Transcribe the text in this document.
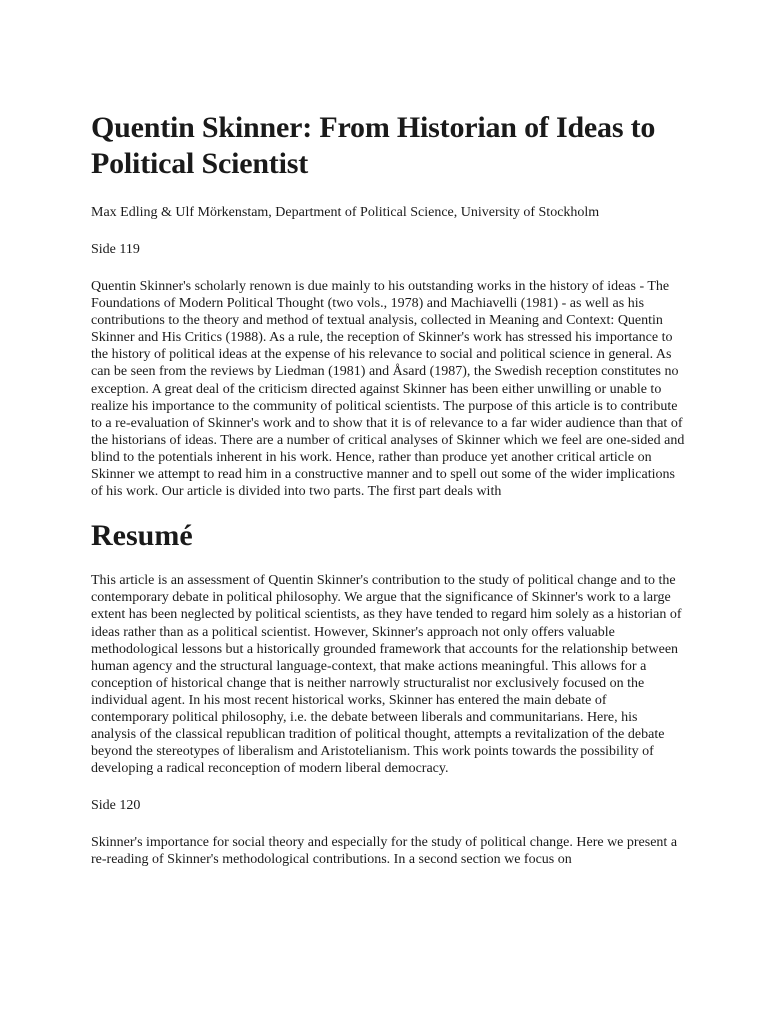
Quentin Skinner: From Historian of Ideas to Political Scientist

Max Edling & Ulf Mörkenstam, Department of Political Science, University of Stockholm

Side 119

Quentin Skinner's scholarly renown is due mainly to his outstanding works in the history of ideas - The Foundations of Modern Political Thought (two vols., 1978) and Machiavelli (1981) - as well as his contributions to the theory and method of textual analysis, collected in Meaning and Context: Quentin Skinner and His Critics (1988). As a rule, the reception of Skinner's work has stressed his importance to the history of political ideas at the expense of his relevance to social and political science in general. As can be seen from the reviews by Liedman (1981) and Åsard (1987), the Swedish reception constitutes no exception. A great deal of the criticism directed against Skinner has been either unwilling or unable to realize his importance to the community of political scientists. The purpose of this article is to contribute to a re-evaluation of Skinner's work and to show that it is of relevance to a far wider audience than that of the historians of ideas. There are a number of critical analyses of Skinner which we feel are one-sided and blind to the potentials inherent in his work. Hence, rather than produce yet another critical article on Skinner we attempt to read him in a constructive manner and to spell out some of the wider implications of his work. Our article is divided into two parts. The first part deals with

Resumé

This article is an assessment of Quentin Skinner's contribution to the study of political change and to the contemporary debate in political philosophy. We argue that the significance of Skinner's work to a large extent has been neglected by political scientists, as they have tended to regard him solely as a historian of ideas rather than as a political scientist. However, Skinner's approach not only offers valuable methodological lessons but a historically grounded framework that accounts for the relationship between human agency and the structural language-context, that make actions meaningful. This allows for a conception of historical change that is neither narrowly structuralist nor exclusively focused on the individual agent. In his most recent historical works, Skinner has entered the main debate of contemporary political philosophy, i.e. the debate between liberals and communitarians. Here, his analysis of the classical republican tradition of political thought, attempts a revitalization of the debate beyond the stereotypes of liberalism and Aristotelianism. This work points towards the possibility of developing a radical reconception of modern liberal democracy.

Side 120

Skinner's importance for social theory and especially for the study of political change. Here we present a re-reading of Skinner's methodological contributions. In a second section we focus on
